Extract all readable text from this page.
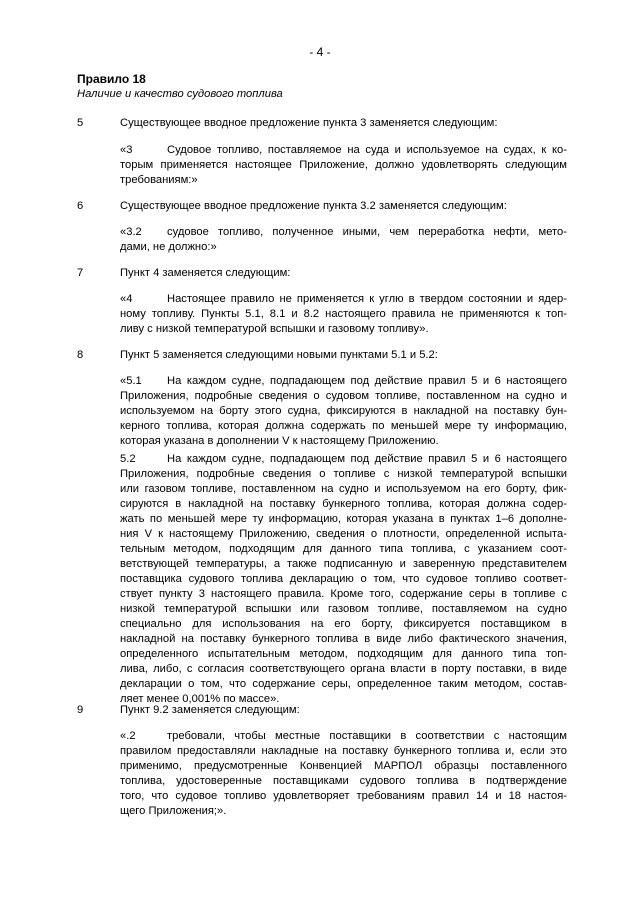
- 4 -
Правило 18
Наличие и качество судового топлива
5	Существующее вводное предложение пункта 3 заменяется следующим:
«3	Судовое топливо, поставляемое на суда и используемое на судах, к ко-
торым применяется настоящее Приложение, должно удовлетворять следующим
требованиям:»
6	Существующее вводное предложение пункта 3.2 заменяется следующим:
«3.2 судовое топливо, полученное иными, чем переработка нефти, мето-
дами, не должно:»
7	Пункт 4 заменяется следующим:
«4	Настоящее правило не применяется к углю в твердом состоянии и ядер-
ному топливу. Пункты 5.1, 8.1 и 8.2 настоящего правила не применяются к топ-
ливу с низкой температурой вспышки и газовому топливу».
8	Пункт 5 заменяется следующими новыми пунктами 5.1 и 5.2:
«5.1 На каждом судне, подпадающем под действие правил 5 и 6 настоящего
Приложения, подробные сведения о судовом топливе, поставленном на судно и
используемом на борту этого судна, фиксируются в накладной на поставку бун-
керного топлива, которая должна содержать по меньшей мере ту информацию,
которая указана в дополнении V к настоящему Приложению.
5.2	На каждом судне, подпадающем под действие правил 5 и 6 настоящего
Приложения, подробные сведения о топливе с низкой температурой вспышки
или газовом топливе, поставленном на судно и используемом на его борту, фик-
сируются в накладной на поставку бункерного топлива, которая должна содер-
жать по меньшей мере ту информацию, которая указана в пунктах 1–6 дополне-
ния V к настоящему Приложению, сведения о плотности, определенной испыта-
тельным методом, подходящим для данного типа топлива, с указанием соот-
ветствующей температуры, а также подписанную и заверенную представителем
поставщика судового топлива декларацию о том, что судовое топливо соответ-
ствует пункту 3 настоящего правила. Кроме того, содержание серы в топливе с
низкой температурой вспышки или газовом топливе, поставляемом на судно
специально для использования на его борту, фиксируется поставщиком в
накладной на поставку бункерного топлива в виде либо фактического значения,
определенного испытательным методом, подходящим для данного типа топ-
лива, либо, с согласия соответствующего органа власти в порту поставки, в виде
декларации о том, что содержание серы, определенное таким методом, состав-
ляет менее 0,001% по массе».
9	Пункт 9.2 заменяется следующим:
«.2	требовали, чтобы местные поставщики в соответствии с настоящим
правилом предоставляли накладные на поставку бункерного топлива и, если это
применимо, предусмотренные Конвенцией МАРПОЛ образцы поставленного
топлива, удостоверенные поставщиками судового топлива в подтверждение
того, что судовое топливо удовлетворяет требованиям правил 14 и 18 настоя-
щего Приложения;».
